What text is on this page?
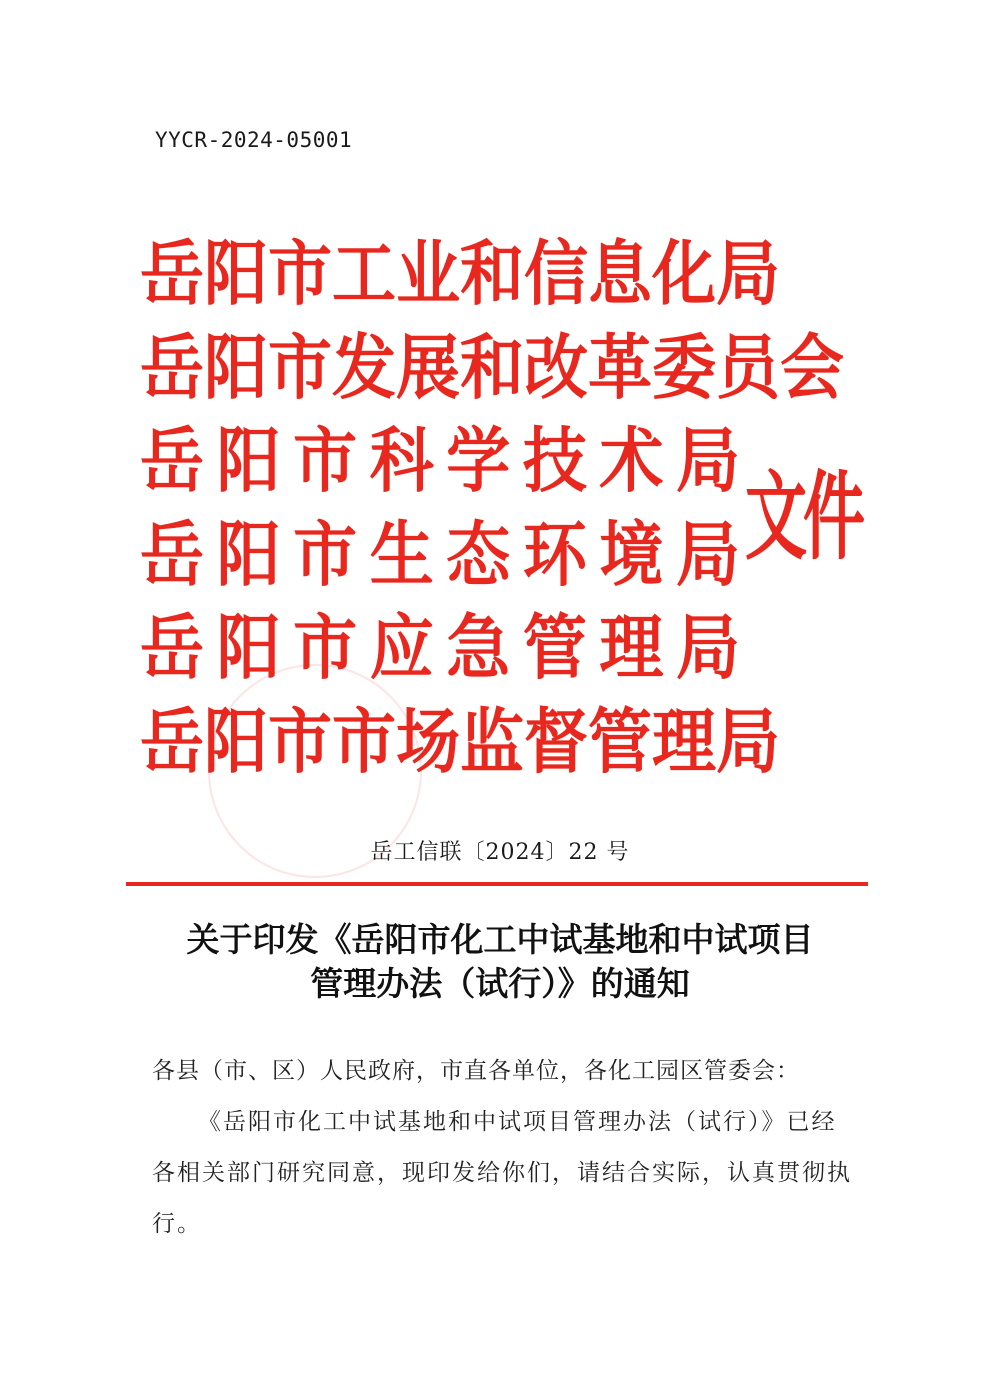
YYCR-2024-05001
岳 阳 市 工 业 和 信 息 化 局
岳 阳 市 发 展 和 改 革 委 员 会
岳 阳 市 科 学 技 术 局
岳 阳 市 生 态 环 境 局
岳 阳 市 应 急 管 理 局
岳 阳 市 市 场 监 督 管 理 局
文件
岳工信联〔2024〕22 号
关于印发《岳阳市化工中试基地和中试项目
管理办法（试行）》的通知

各县（市、区）人民政府，市直各单位，各化工园区管委会：

《岳阳市化工中试基地和中试项目管理办法（试行）》已经各相关部门研究同意，现印发给你们，请结合实际，认真贯彻执行。
